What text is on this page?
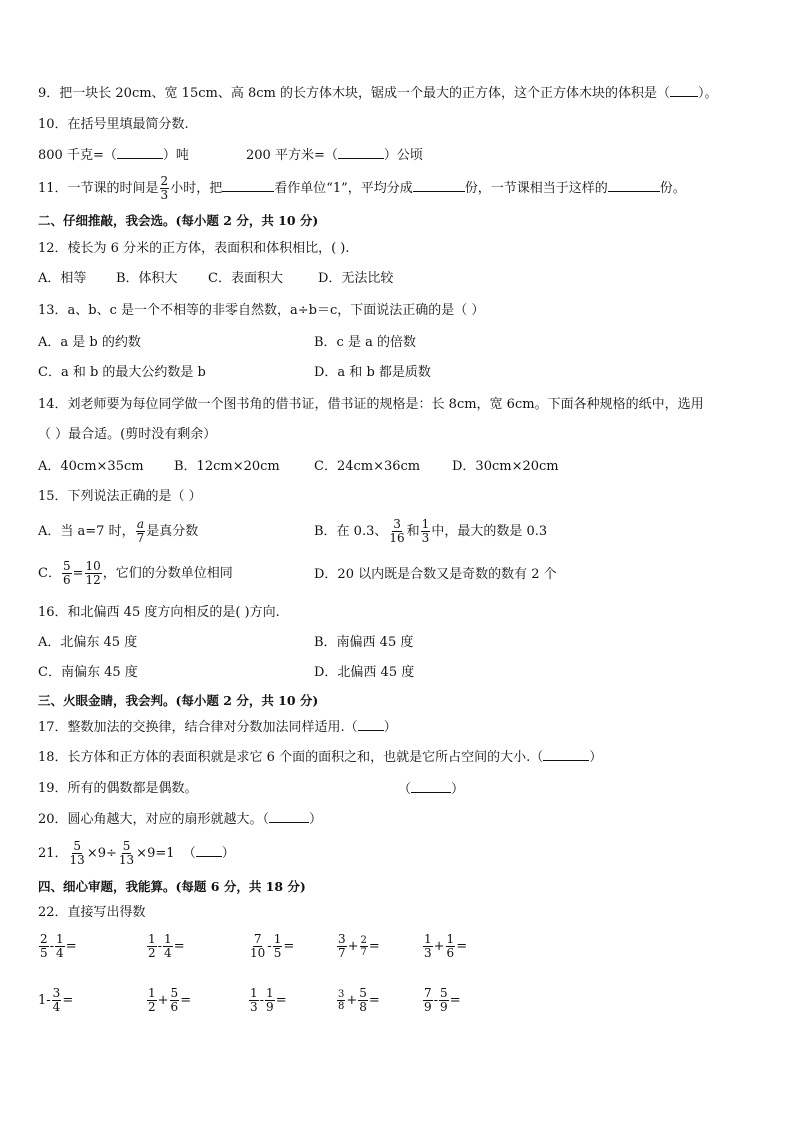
9．把一块长 20cm、宽 15cm、高 8cm 的长方体木块，锯成一个最大的正方体，这个正方体木块的体积是（ ）。
10．在括号里填最简分数.
800 千克=（	）吨	200 平方米=（	）公顷
11．一节课的时间是 $\frac{2}{3}$ 小时，把	看作单位“1”，平均分成	份，一节课相当于这样的	份。
二、仔细推敲，我会选。(每小题 2 分，共 10 分)
12．棱长为 6 分米的正方体，表面积和体积相比，( ).
A．相等 B．体积大 C．表面积大	D．无法比较
13．a、b、c 是一个不相等的非零自然数，a÷b＝c，下面说法正确的是（ ）
A．a 是 b 的约数	B．c 是 a 的倍数
C．a 和 b 的最大公约数是 b	D．a 和 b 都是质数
14．刘老师要为每位同学做一个图书角的借书证，借书证的规格是：长 8cm，宽 6cm。下面各种规格的纸中，选用
（ ）最合适。(剪时没有剩余）
A．40cm×35cm B．12cm×20cm	C．24cm×36cm D．30cm×20cm
15．下列说法正确的是（ ）
A．当 a=7 时， $\frac{a}{7}$ 是真分数	B．在 0.3、 $\frac{3}{16}$ 和 $\frac{1}{3}$ 中，最大的数是 0.3
C． $\frac{5}{6} = \frac{10}{12}$ ，它们的分数单位相同	D．20 以内既是合数又是奇数的数有 2 个
16．和北偏西 45 度方向相反的是( )方向.
A．北偏东 45 度	B．南偏西 45 度
C．南偏东 45 度	D．北偏西 45 度
三、火眼金睛，我会判。(每小题 2 分，共 10 分)
17．整数加法的交换律，结合律对分数加法同样适用.（ ）
18．长方体和正方体的表面积就是求它 6 个面的面积之和，也就是它所占空间的大小.（	）
19．所有的偶数都是偶数。	（	）
20．圆心角越大，对应的扇形就越大。（	）
21． $\frac{5}{13} \times 9\div \frac{5}{13} \times 9=1$ （ ）
四、细心审题，我能算。(每题 6 分，共 18 分)
22．直接写出得数
$\frac{2}{5} - \frac{1}{4}$ =	$\frac{1}{2} - \frac{1}{4}$ =	$\frac{7}{10} - \frac{1}{5}$ =	$\frac{3}{7} + \frac{2}{7}$ =	$\frac{1}{3} + \frac{1}{6}$ =
$1- \frac{3}{4}$ =	$\frac{1}{2} + \frac{5}{6}$ =	$\frac{1}{3} - \frac{1}{9}$ =	$\frac{3}{8} + \frac{5}{8}$ =	$\frac{7}{9} - \frac{5}{9}$ =
